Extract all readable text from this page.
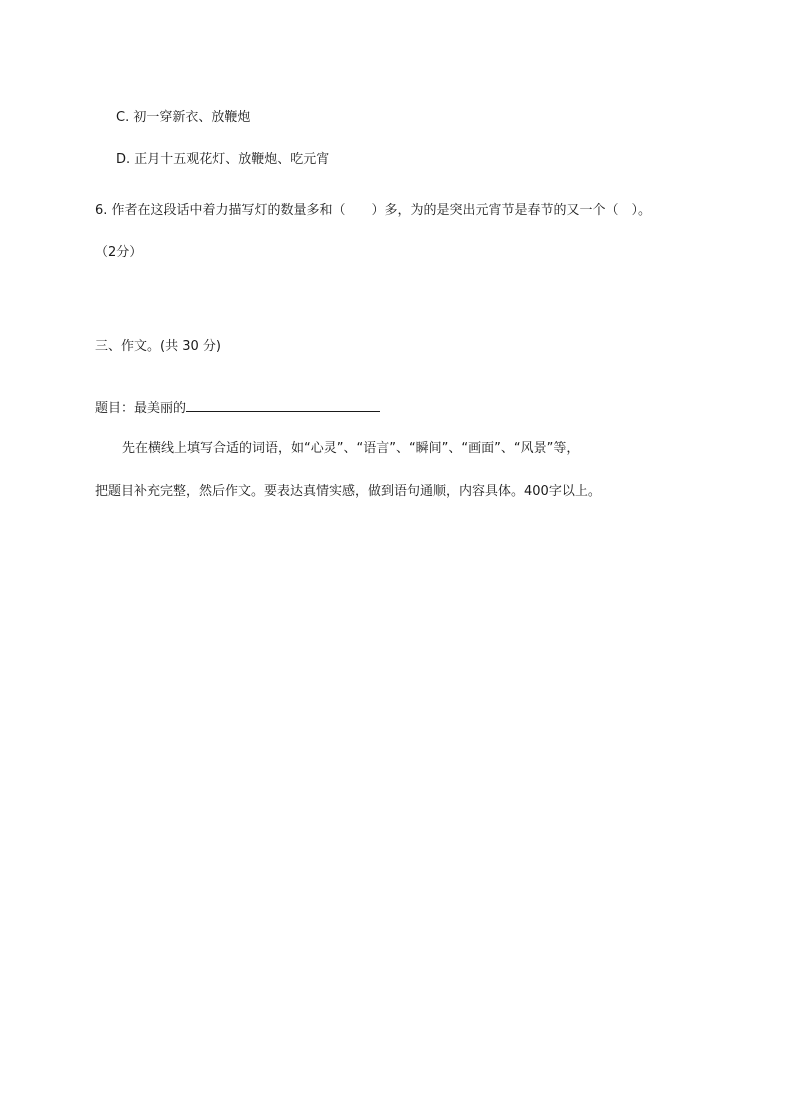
C. 初一穿新衣、放鞭炮
D. 正月十五观花灯、放鞭炮、吃元宵
6. 作者在这段话中着力描写灯的数量多和（　　）多，为的是突出元宵节是春节的又一个（　）。
（2分）
三、作文。(共 30 分)
题目：最美丽的
先在横线上填写合适的词语，如“心灵”、“语言”、“瞬间”、“画面”、“风景”等，
把题目补充完整，然后作文。要表达真情实感，做到语句通顺，内容具体。400字以上。
